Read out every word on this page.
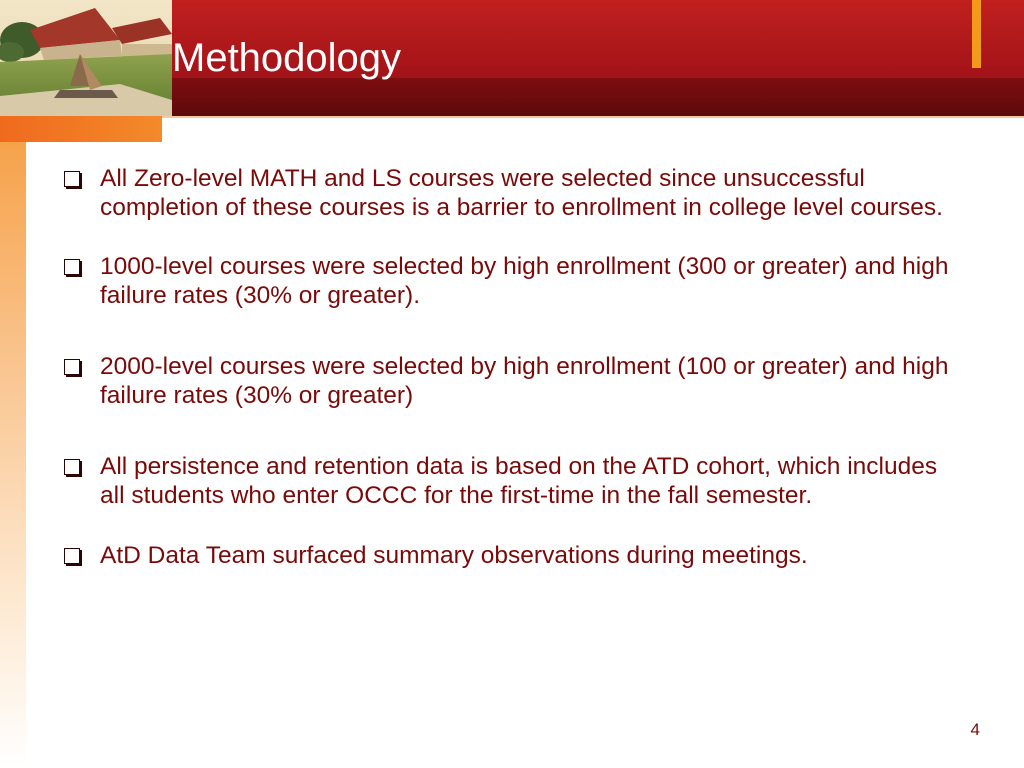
Methodology
All Zero-level MATH and LS courses were selected since unsuccessful completion of these courses is a barrier to enrollment in college level courses.
1000-level courses were selected by high enrollment (300 or greater) and high failure rates (30% or greater).
2000-level courses were selected by high enrollment (100 or greater) and high failure rates (30% or greater)
All persistence and retention data is based on the ATD cohort, which includes all students who enter OCCC for the first-time in the fall semester.
AtD Data Team surfaced summary observations during meetings.
4
